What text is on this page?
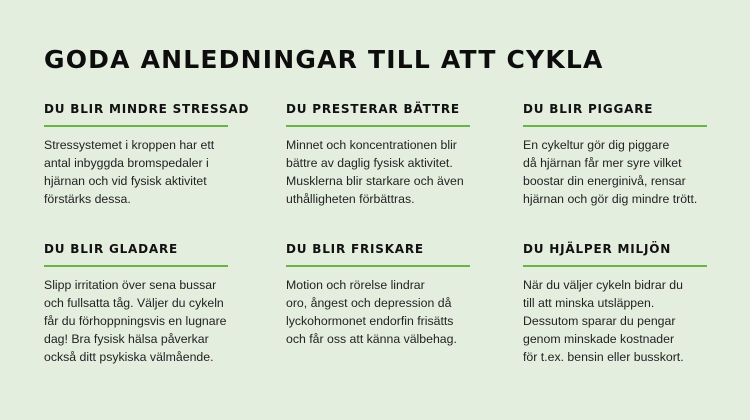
GODA ANLEDNINGAR TILL ATT CYKLA
DU BLIR MINDRE STRESSAD

Stressystemet i kroppen har ett
antal inbyggda bromspedaler i
hjärnan och vid fysisk aktivitet
förstärks dessa.

DU PRESTERAR BÄTTRE

Minnet och koncentrationen blir
bättre av daglig fysisk aktivitet.
Musklerna blir starkare och även
uthålligheten förbättras.

DU BLIR PIGGARE

En cykeltur gör dig piggare
då hjärnan får mer syre vilket
boostar din energinivå, rensar
hjärnan och gör dig mindre trött.

DU BLIR GLADARE

Slipp irritation över sena bussar
och fullsatta tåg. Väljer du cykeln
får du förhoppningsvis en lugnare
dag! Bra fysisk hälsa påverkar
också ditt psykiska välmående.

DU BLIR FRISKARE

Motion och rörelse lindrar
oro, ångest och depression då
lyckohormonet endorfin frisätts
och får oss att känna välbehag.

DU HJÄLPER MILJÖN

När du väljer cykeln bidrar du
till att minska utsläppen.
Dessutom sparar du pengar
genom minskade kostnader
för t.ex. bensin eller busskort.
